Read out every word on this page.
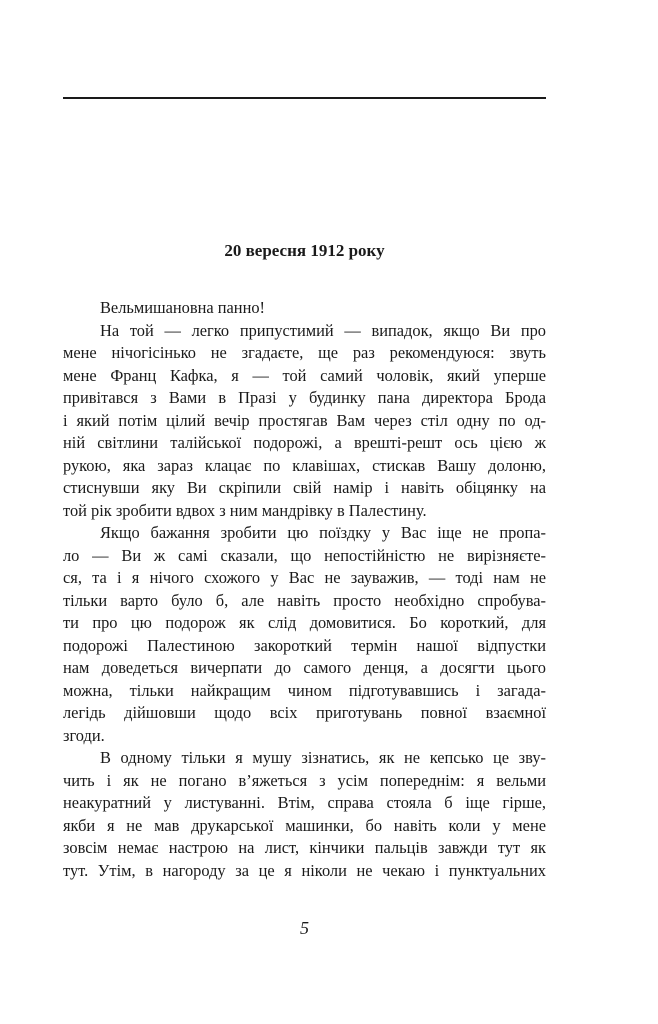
20 вересня 1912 року
Вельмишановна панно!
На той — легко припустимий — випадок, якщо Ви про
мене нічогісінько не згадаєте, ще раз рекомендуюся: звуть
мене Франц Кафка, я — той самий чоловік, який уперше
привітався з Вами в Празі у будинку пана директора Брода
і який потім цілий вечір простягав Вам через стіл одну по од-
ній світлини талійської подорожі, а врешті-решт ось цією ж
рукою, яка зараз клацає по клавішах, стискав Вашу долоню,
стиснувши яку Ви скріпили свій намір і навіть обіцянку на
той рік зробити вдвох з ним мандрівку в Палестину.
Якщо бажання зробити цю поїздку у Вас іще не пропа-
ло — Ви ж самі сказали, що непостійністю не вирізняєте-
ся, та і я нічого схожого у Вас не зауважив, — тоді нам не
тільки варто було б, але навіть просто необхідно спробува-
ти про цю подорож як слід домовитися. Бо короткий, для
подорожі Палестиною закороткий термін нашої відпустки
нам доведеться вичерпати до самого денця, а досягти цього
можна, тільки найкращим чином підготувавшись і загада-
легідь дійшовши щодо всіх приготувань повної взаємної
згоди.
В одному тільки я мушу зізнатись, як не кепсько це зву-
чить і як не погано в’яжеться з усім попереднім: я вельми
неакуратний у листуванні. Втім, справа стояла б іще гірше,
якби я не мав друкарської машинки, бо навіть коли у мене
зовсім немає настрою на лист, кінчики пальців завжди тут як
тут. Утім, в нагороду за це я ніколи не чекаю і пунктуальних
5
